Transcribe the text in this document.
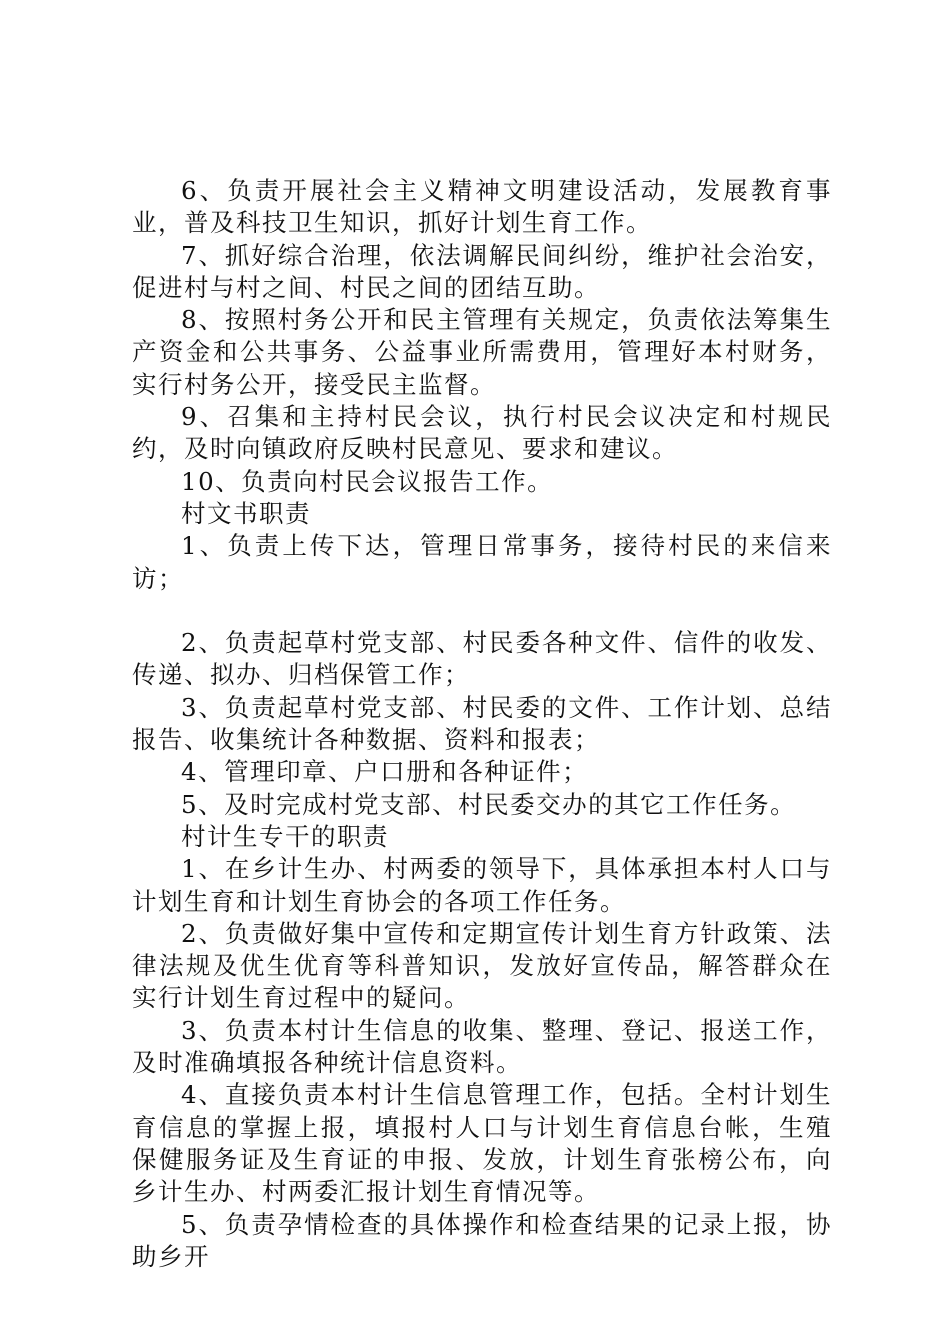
6、负责开展社会主义精神文明建设活动，发展教育事业，普及科技卫生知识，抓好计划生育工作。

7、抓好综合治理，依法调解民间纠纷，维护社会治安，促进村与村之间、村民之间的团结互助。

8、按照村务公开和民主管理有关规定，负责依法筹集生产资金和公共事务、公益事业所需费用，管理好本村财务，实行村务公开，接受民主监督。

9、召集和主持村民会议，执行村民会议决定和村规民约，及时向镇政府反映村民意见、要求和建议。

10、负责向村民会议报告工作。

村文书职责

1、负责上传下达，管理日常事务，接待村民的来信来访；

2、负责起草村党支部、村民委各种文件、信件的收发、传递、拟办、归档保管工作；

3、负责起草村党支部、村民委的文件、工作计划、总结报告、收集统计各种数据、资料和报表；

4、管理印章、户口册和各种证件；

5、及时完成村党支部、村民委交办的其它工作任务。

村计生专干的职责

1、在乡计生办、村两委的领导下，具体承担本村人口与计划生育和计划生育协会的各项工作任务。

2、负责做好集中宣传和定期宣传计划生育方针政策、法律法规及优生优育等科普知识，发放好宣传品，解答群众在实行计划生育过程中的疑问。

3、负责本村计生信息的收集、整理、登记、报送工作，及时准确填报各种统计信息资料。

4、直接负责本村计生信息管理工作，包括。全村计划生育信息的掌握上报，填报村人口与计划生育信息台帐，生殖保健服务证及生育证的申报、发放，计划生育张榜公布，向乡计生办、村两委汇报计划生育情况等。

5、负责孕情检查的具体操作和检查结果的记录上报，协助乡开
